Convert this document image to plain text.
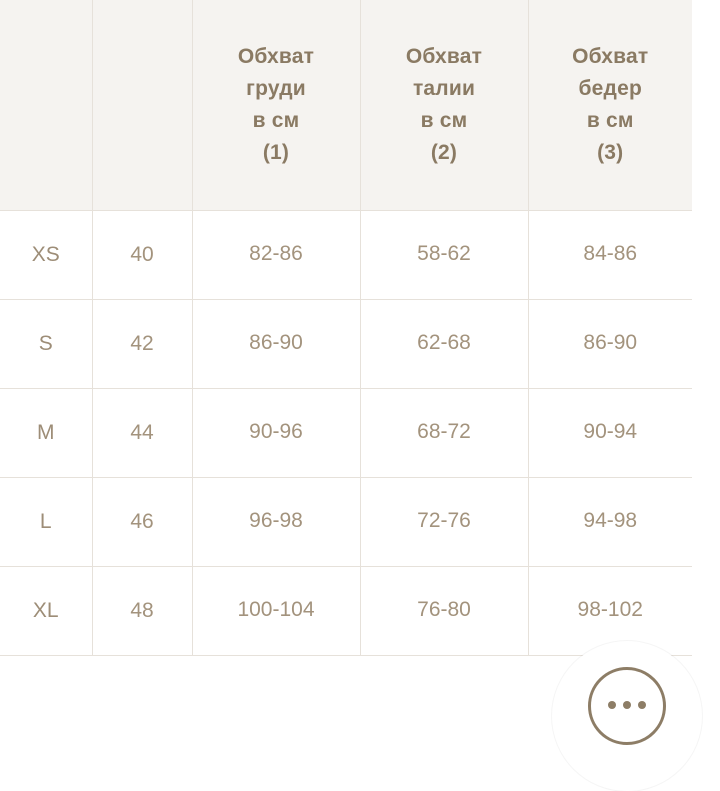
		Обхват
груди
в см
(1)	Обхват
талии
в см
(2)	Обхват
бедер
в см
(3)

XS	40	82-86	58-62	84-86
S	42	86-90	62-68	86-90
M	44	90-96	68-72	90-94
L	46	96-98	72-76	94-98
XL	48	100-104	76-80	98-102
